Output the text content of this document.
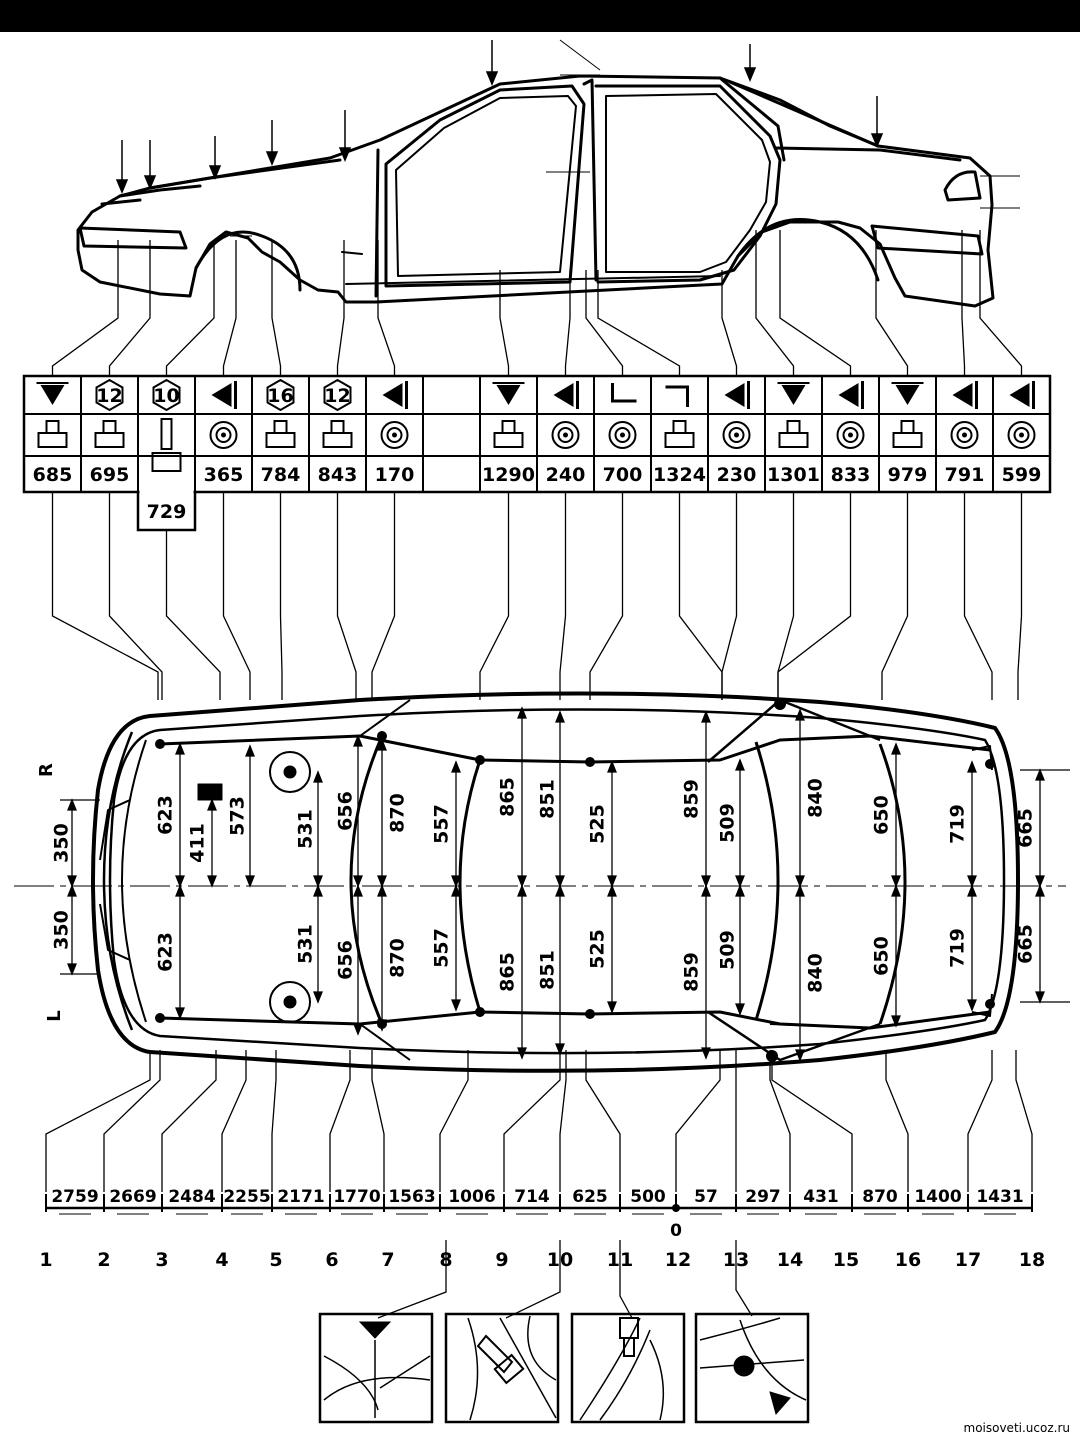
685
12
695
10
729
365
16
784
12
843 170	1290 240 700 1324 230 1301 833 979 791 599
350
350
623
623
411
573 531
531
656
656
870
870
557
557
865
865
851
851
525
525
859
859
509
509
840
840
650
650
719
719
665
665
R
L
2759 2669 2484 2255 2171 1770 1563 1006 714 625 500 57 297 431 870 1400 1431
0
1 2 3 4 5 6 7 8 9 10 11 12 13 14 15 16 17 18
moisoveti.ucoz.ru
